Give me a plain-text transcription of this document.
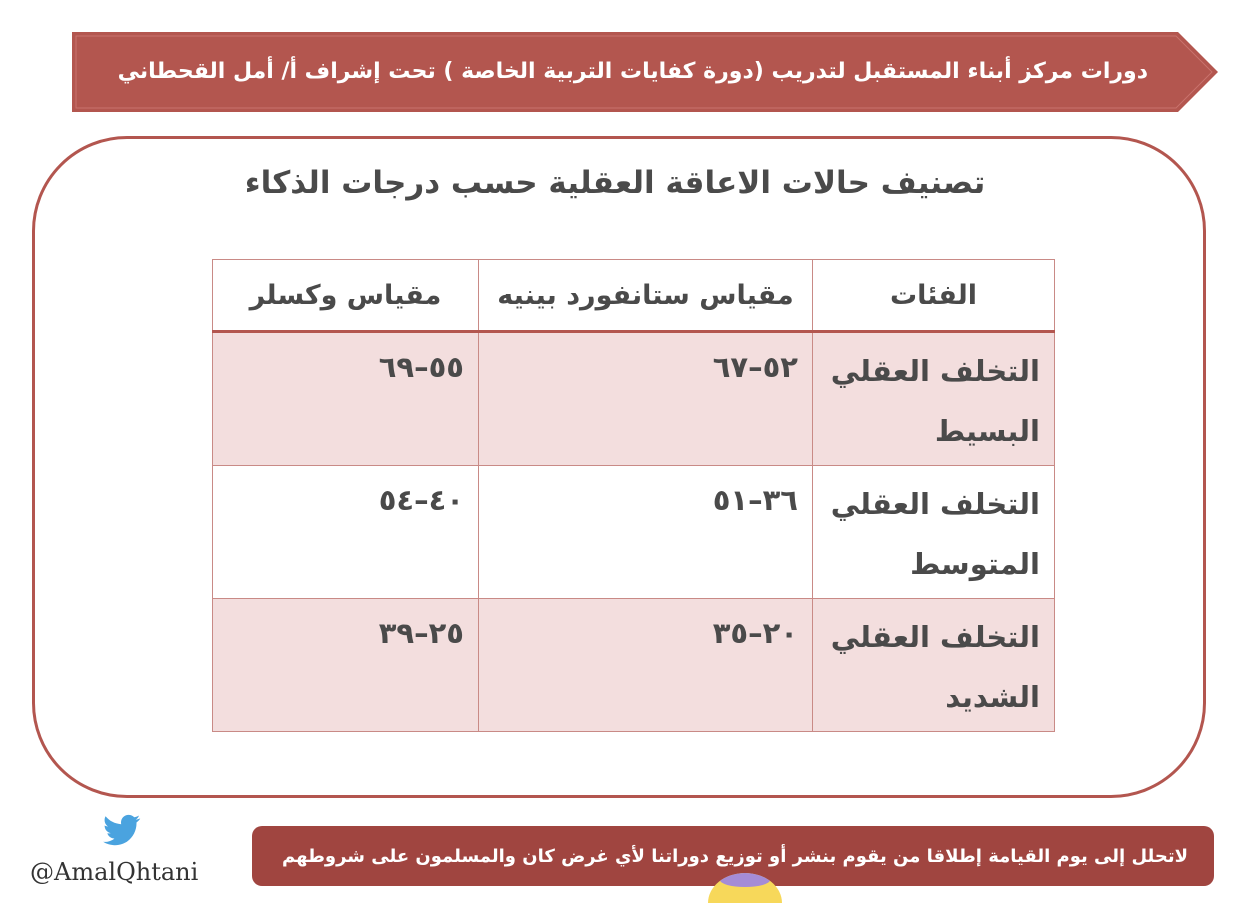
دورات مركز أبناء المستقبل لتدريب (دورة كفايات التربية الخاصة ) تحت إشراف أ/ أمل القحطاني
تصنيف حالات الاعاقة العقلية حسب درجات الذكاء
الفئات	مقياس ستانفورد بينيه	مقياس وكسلر
التخلف العقلي البسيط	٥٢–٦٧	٥٥–٦٩
التخلف العقلي المتوسط	٣٦–٥١	٤٠–٥٤
التخلف العقلي الشديد	٢٠–٣٥	٢٥–٣٩
@AmalQhtani
لاتحلل إلى يوم القيامة إطلاقا من يقوم بنشر أو توزيع دوراتنا لأي غرض كان والمسلمون على شروطهم
